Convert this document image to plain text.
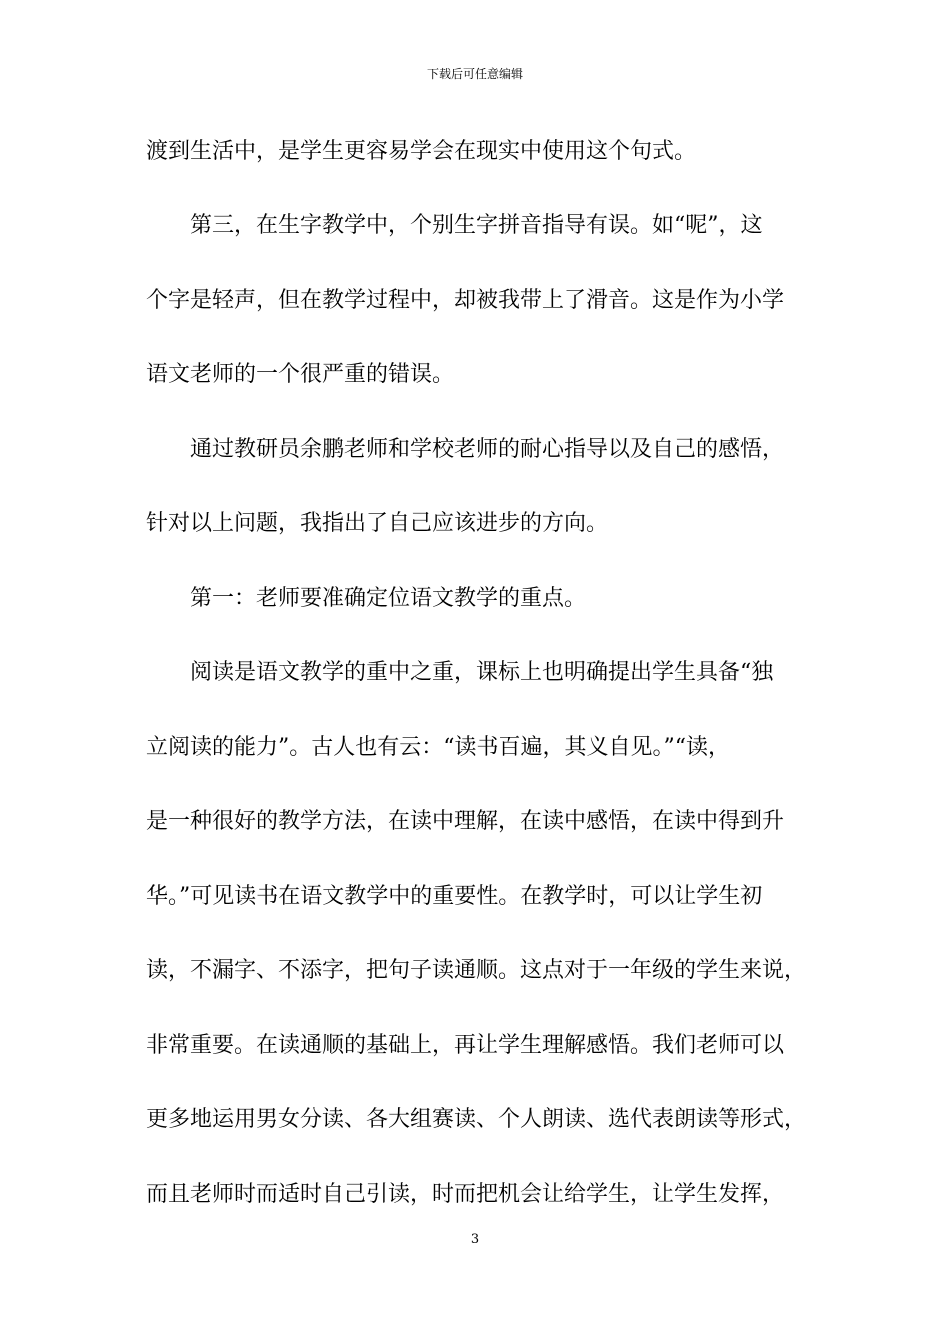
下载后可任意编辑
渡到生活中，是学生更容易学会在现实中使用这个句式。
　　第三，在生字教学中，个别生字拼音指导有误。如“呢”，这
个字是轻声，但在教学过程中，却被我带上了滑音。这是作为小学
语文老师的一个很严重的错误。
　　通过教研员余鹏老师和学校老师的耐心指导以及自己的感悟，
针对以上问题，我指出了自己应该进步的方向。
　　第一：老师要准确定位语文教学的重点。
　　阅读是语文教学的重中之重，课标上也明确提出学生具备“独
立阅读的能力”。古人也有云：“读书百遍，其义自见。”“读，
是一种很好的教学方法，在读中理解，在读中感悟，在读中得到升
华。”可见读书在语文教学中的重要性。在教学时，可以让学生初
读，不漏字、不添字，把句子读通顺。这点对于一年级的学生来说，
非常重要。在读通顺的基础上，再让学生理解感悟。我们老师可以
更多地运用男女分读、各大组赛读、个人朗读、选代表朗读等形式，
而且老师时而适时自己引读，时而把机会让给学生，让学生发挥，
3
